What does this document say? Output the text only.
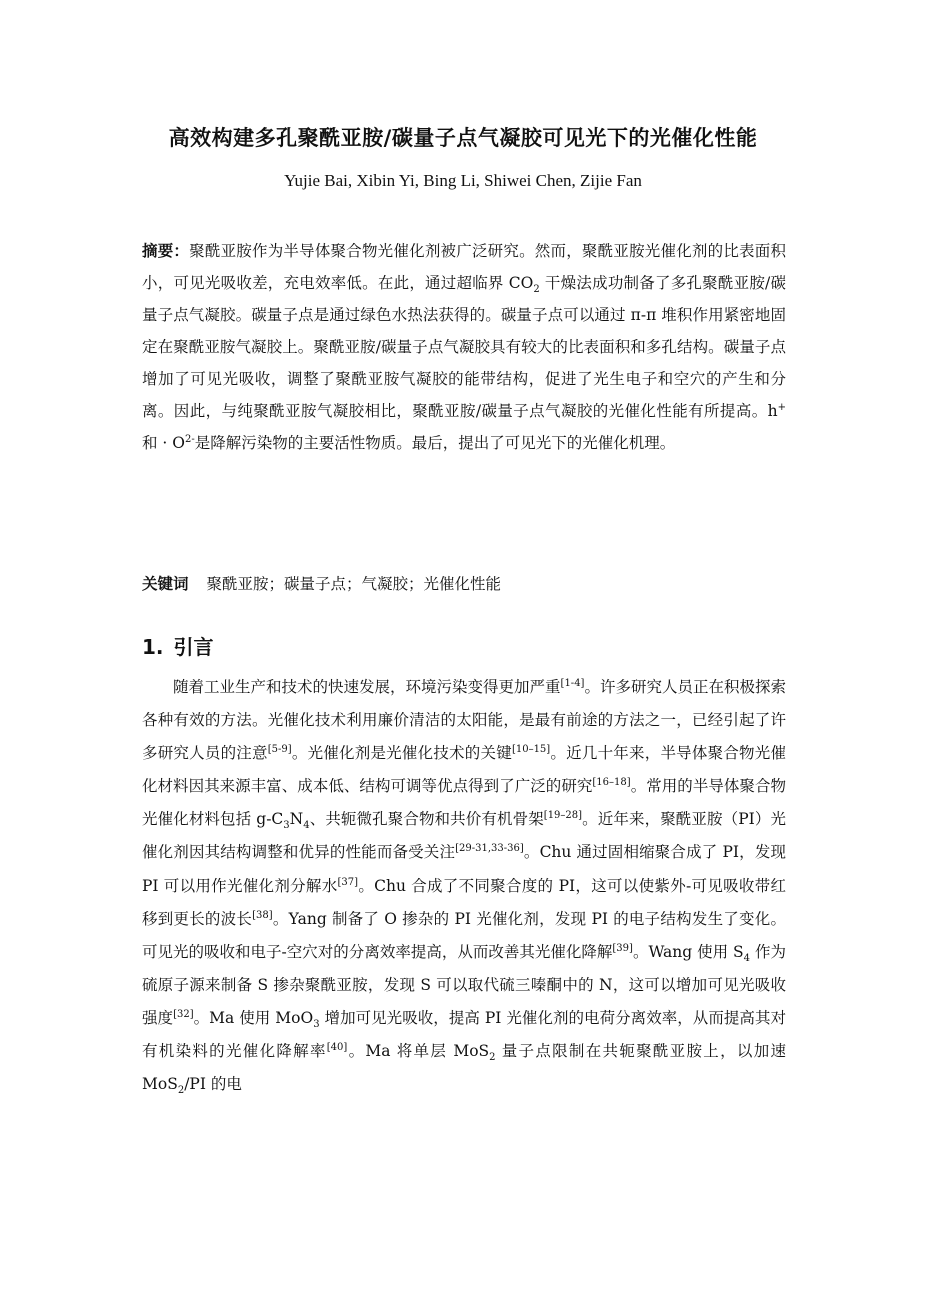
高效构建多孔聚酰亚胺/碳量子点气凝胶可见光下的光催化性能

Yujie Bai, Xibin Yi, Bing Li, Shiwei Chen, Zijie Fan

摘要：聚酰亚胺作为半导体聚合物光催化剂被广泛研究。然而，聚酰亚胺光催化剂的比表面积小，可见光吸收差，充电效率低。在此，通过超临界 $CO_2$ 干燥法成功制备了多孔聚酰亚胺/碳量子点气凝胶。碳量子点是通过绿色水热法获得的。碳量子点可以通过 π-π 堆积作用紧密地固定在聚酰亚胺气凝胶上。聚酰亚胺/碳量子点气凝胶具有较大的比表面积和多孔结构。碳量子点增加了可见光吸收，调整了聚酰亚胺气凝胶的能带结构，促进了光生电子和空穴的产生和分离。因此，与纯聚酰亚胺气凝胶相比，聚酰亚胺/碳量子点气凝胶的光催化性能有所提高。h+ 和 · $O^{2-}$是降解污染物的主要活性物质。最后，提出了可见光下的光催化机理。

关键词 聚酰亚胺；碳量子点；气凝胶；光催化性能

1. 引言

随着工业生产和技术的快速发展，环境污染变得更加严重[1-4]。许多研究人员正在积极探索各种有效的方法。光催化技术利用廉价清洁的太阳能，是最有前途的方法之一，已经引起了许多研究人员的注意[5-9]。光催化剂是光催化技术的关键[10–15]。近几十年来，半导体聚合物光催化材料因其来源丰富、成本低、结构可调等优点得到了广泛的研究[16–18]。常用的半导体聚合物光催化材料包括 $g-C_3N_4$、共轭微孔聚合物和共价有机骨架[19–28]。近年来，聚酰亚胺（PI）光催化剂因其结构调整和优异的性能而备受关注[29-31,33-36]。Chu 通过固相缩聚合成了 PI，发现 PI 可以用作光催化剂分解水[37]。Chu 合成了不同聚合度的 PI，这可以使紫外-可见吸收带红移到更长的波长[38]。Yang 制备了 O 掺杂的 PI 光催化剂，发现 PI 的电子结构发生了变化。可见光的吸收和电子-空穴对的分离效率提高，从而改善其光催化降解[39]。Wang 使用 $S_4$ 作为硫原子源来制备 S 掺杂聚酰亚胺，发现 S 可以取代硫三嗪酮中的 N，这可以增加可见光吸收强度[32]。Ma 使用 MoO$_3$ 增加可见光吸收，提高 PI 光催化剂的电荷分离效率，从而提高其对有机染料的光催化降解率[40]。Ma 将单层 MoS$_2$ 量子点限制在共轭聚酰亚胺上，以加速 MoS$_2$/PI 的电
